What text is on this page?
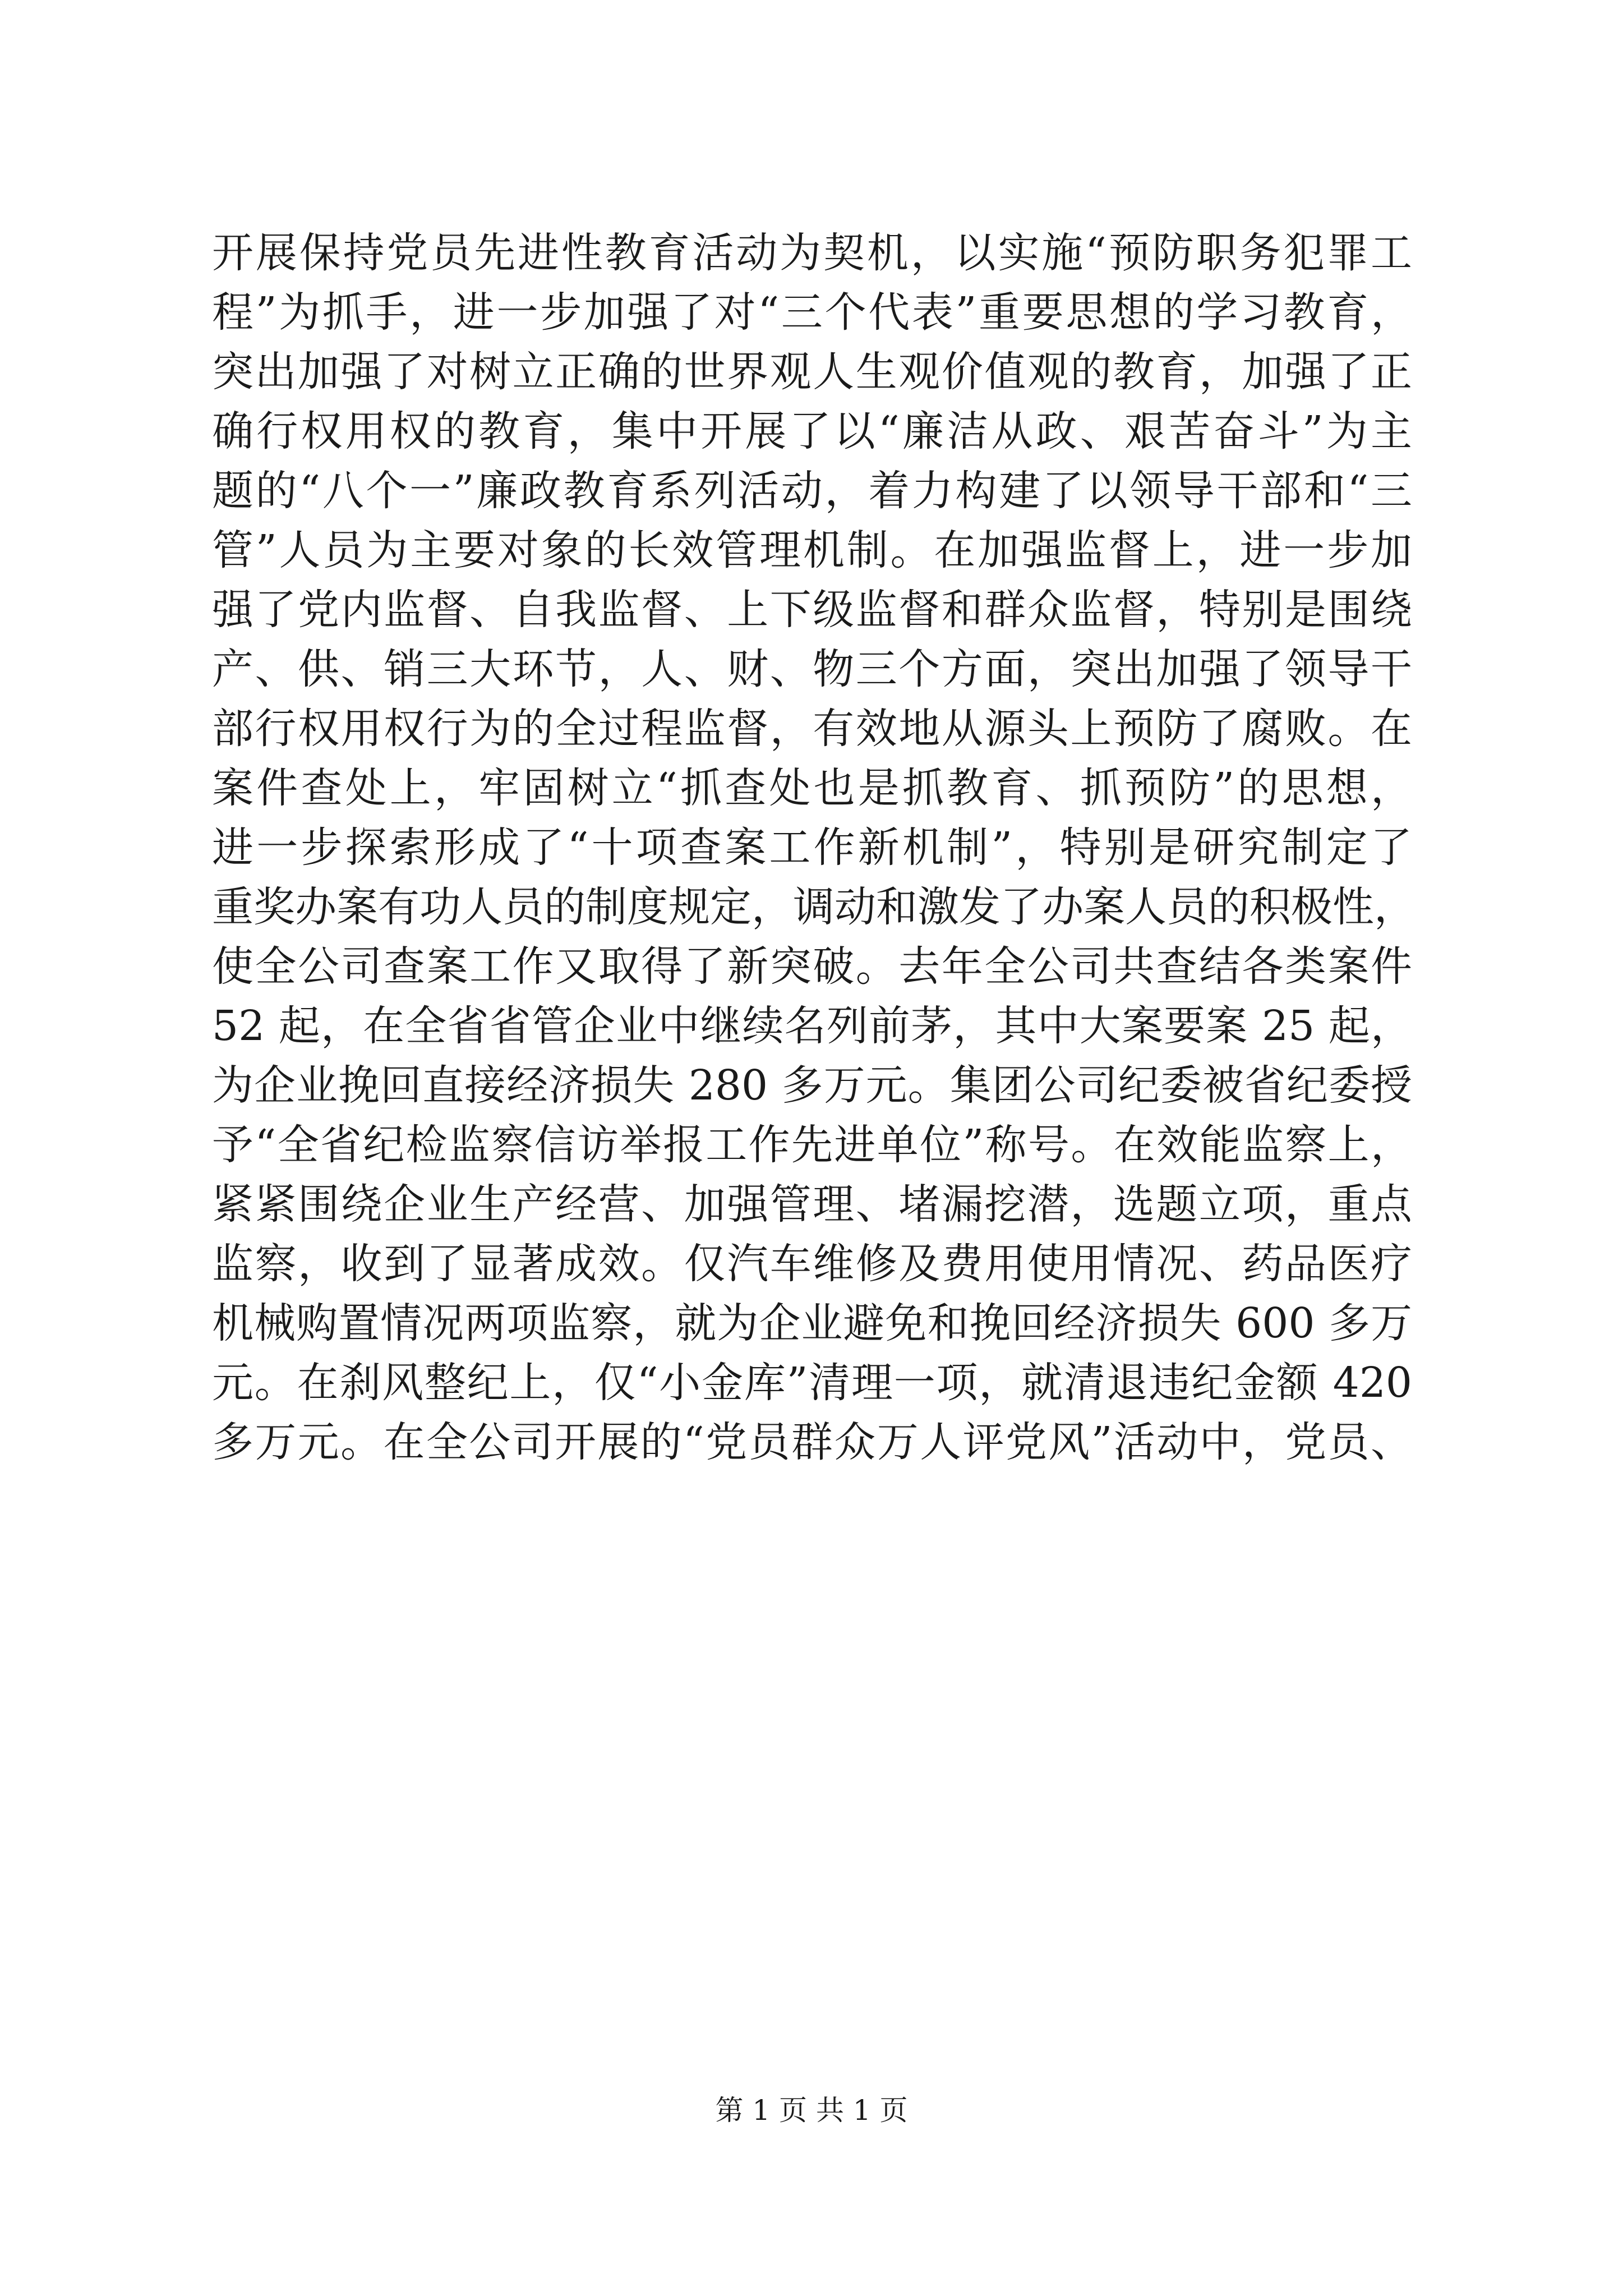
开展保持党员先进性教育活动为契机，以实施“预防职务犯罪工
程”为抓手，进一步加强了对“三个代表”重要思想的学习教育，
突出加强了对树立正确的世界观人生观价值观的教育，加强了正
确行权用权的教育，集中开展了以“廉洁从政、艰苦奋斗”为主
题的“八个一”廉政教育系列活动，着力构建了以领导干部和“三
管”人员为主要对象的长效管理机制。在加强监督上，进一步加
强了党内监督、自我监督、上下级监督和群众监督，特别是围绕
产、供、销三大环节，人、财、物三个方面，突出加强了领导干
部行权用权行为的全过程监督，有效地从源头上预防了腐败。在
案件查处上，牢固树立“抓查处也是抓教育、抓预防”的思想，
进一步探索形成了“十项查案工作新机制”，特别是研究制定了
重奖办案有功人员的制度规定，调动和激发了办案人员的积极性，
使全公司查案工作又取得了新突破。去年全公司共查结各类案件
52 起，在全省省管企业中继续名列前茅，其中大案要案 25 起，
为企业挽回直接经济损失 280 多万元。集团公司纪委被省纪委授
予“全省纪检监察信访举报工作先进单位”称号。在效能监察上，
紧紧围绕企业生产经营、加强管理、堵漏挖潜，选题立项，重点
监察，收到了显著成效。仅汽车维修及费用使用情况、药品医疗
机械购置情况两项监察，就为企业避免和挽回经济损失 600 多万
元。在刹风整纪上，仅“小金库”清理一项，就清退违纪金额 420
多万元。在全公司开展的“党员群众万人评党风”活动中，党员、
第 1 页 共 1 页
